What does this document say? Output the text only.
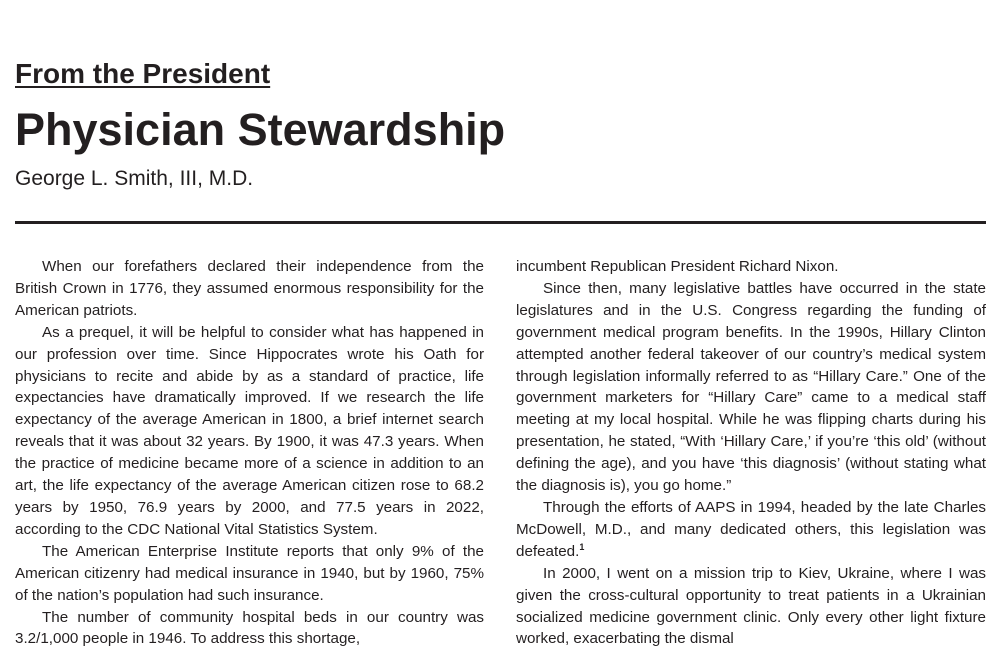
From the President
Physician Stewardship
George L. Smith, III, M.D.

When our forefathers declared their independence from the British Crown in 1776, they assumed enormous responsibility for the American patriots.

As a prequel, it will be helpful to consider what has happened in our profession over time. Since Hippocrates wrote his Oath for physicians to recite and abide by as a standard of practice, life expectancies have dramatically improved. If we research the life expectancy of the average American in 1800, a brief internet search reveals that it was about 32 years. By 1900, it was 47.3 years. When the practice of medicine became more of a science in addition to an art, the life expectancy of the average American citizen rose to 68.2 years by 1950, 76.9 years by 2000, and 77.5 years in 2022, according to the CDC National Vital Statistics System.

The American Enterprise Institute reports that only 9% of the American citizenry had medical insurance in 1940, but by 1960, 75% of the nation’s population had such insurance.

The number of community hospital beds in our country was 3.2/1,000 people in 1946. To address this shortage,

incumbent Republican President Richard Nixon.

Since then, many legislative battles have occurred in the state legislatures and in the U.S. Congress regarding the funding of government medical program benefits. In the 1990s, Hillary Clinton attempted another federal takeover of our country’s medical system through legislation informally referred to as “Hillary Care.” One of the government marketers for “Hillary Care” came to a medical staff meeting at my local hospital. While he was flipping charts during his presentation, he stated, “With ‘Hillary Care,’ if you’re ‘this old’ (without defining the age), and you have ‘this diagnosis’ (without stating what the diagnosis is), you go home.”

Through the efforts of AAPS in 1994, headed by the late Charles McDowell, M.D., and many dedicated others, this legislation was defeated.$^1$

In 2000, I went on a mission trip to Kiev, Ukraine, where I was given the cross-cultural opportunity to treat patients in a Ukrainian socialized medicine government clinic. Only every other light fixture worked, exacerbating the dismal
